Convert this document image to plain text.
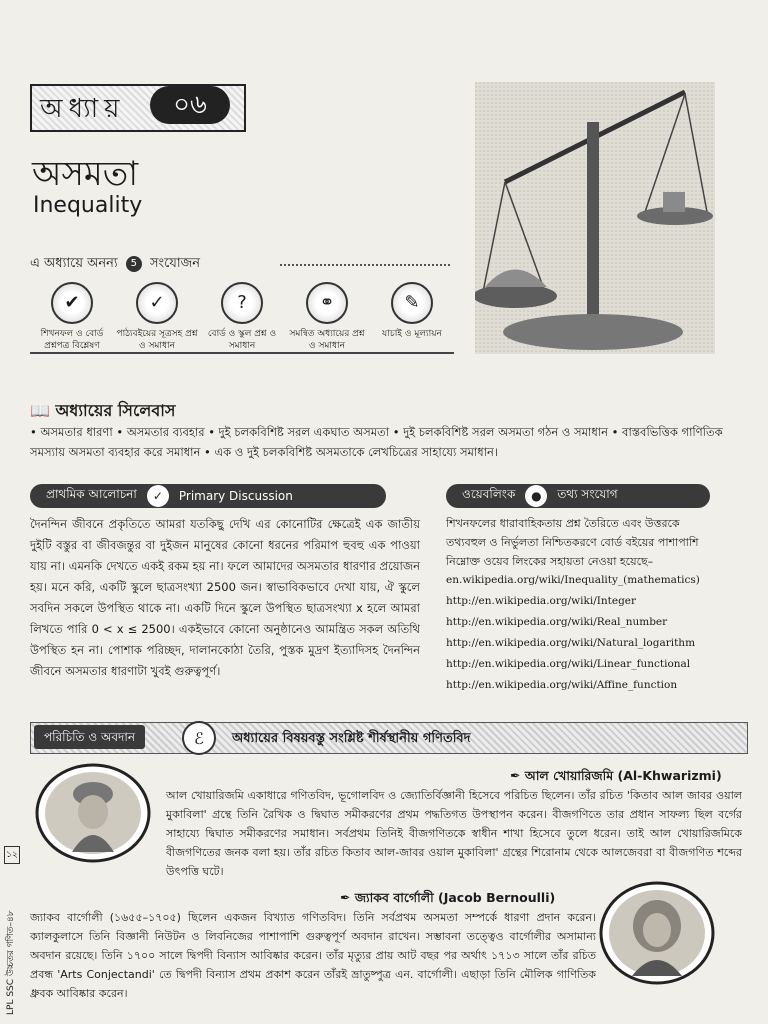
অধ্যায়	০৬
অসমতা
Inequality
এ অধ্যায়ে অনন্য 5 সংযোজন
✔
শিখনফল ও বোর্ড প্রশ্নপত্র বিশ্লেষণ
✓
পাঠ্যবইয়ের সূত্রসহ প্রশ্ন ও সমাধান
?
বোর্ড ও স্কুল প্রশ্ন ও সমাধান
⚭
সমন্বিত অধ্যায়ের প্রশ্ন ও সমাধান
✎
যাচাই ও মূল্যায়ন
📖 অধ্যায়ের সিলেবাস
• অসমতার ধারণা • অসমতার ব্যবহার • দুই চলকবিশিষ্ট সরল একঘাত অসমতা • দুই চলকবিশিষ্ট সরল অসমতা গঠন ও সমাধান • বাস্তবভিত্তিক গাণিতিক সমস্যায় অসমতা ব্যবহার করে সমাধান • এক ও দুই চলকবিশিষ্ট অসমতাকে লেখচিত্রের সাহায্যে সমাধান।
প্রাথমিক আলোচনা	✓	Primary Discussion
দৈনন্দিন জীবনে প্রকৃতিতে আমরা যতকিছু দেখি এর কোনোটির ক্ষেত্রেই এক জাতীয় দুইটি বস্তুর বা জীবজন্তুর বা দুইজন মানুষের কোনো ধরনের পরিমাপ হুবহু এক পাওয়া যায় না। এমনকি দেখতে একই রকম হয় না। ফলে আমাদের অসমতার ধারণার প্রয়োজন হয়। মনে করি, একটি স্কুলে ছাত্রসংখ্যা 2500 জন। স্বাভাবিকভাবে দেখা যায়, ঐ স্কুলে সবদিন সকলে উপস্থিত থাকে না। একটি দিনে স্কুলে উপস্থিত ছাত্রসংখ্যা x হলে আমরা লিখতে পারি 0 < x ≤ 2500। একইভাবে কোনো অনুষ্ঠানেও আমন্ত্রিত সকল অতিথি উপস্থিত হন না। পোশাক পরিচ্ছদ, দালানকোঠা তৈরি, পুস্তক মুদ্রণ ইত্যাদিসহ দৈনন্দিন জীবনে অসমতার ধারণাটা খুবই গুরুত্বপূর্ণ।
ওয়েবলিংক	●	তথ্য সংযোগ
শিখনফলের ধারাবাহিকতায় প্রশ্ন তৈরিতে এবং উত্তরকে তথ্যবহুল ও নির্ভুলতা নিশ্চিতকরণে বোর্ড বইয়ের পাশাপাশি নিম্নোক্ত ওয়েব লিংকের সহায়তা নেওয়া হয়েছে–
en.wikipedia.org/wiki/Inequality_(mathematics)
http://en.wikipedia.org/wiki/Integer
http://en.wikipedia.org/wiki/Real_number
http://en.wikipedia.org/wiki/Natural_logarithm
http://en.wikipedia.org/wiki/Linear_functional
http://en.wikipedia.org/wiki/Affine_function
পরিচিতি ও অবদান	ℰ	অধ্যায়ের বিষয়বস্তু সংশ্লিষ্ট শীর্ষস্থানীয় গণিতবিদ
✒ আল খোয়ারিজমি (Al-Khwarizmi)
আল খোয়ারিজমি একাধারে গণিতবিদ, ভূগোলবিদ ও জ্যোতির্বিজ্ঞানী হিসেবে পরিচিত ছিলেন। তাঁর রচিত 'কিতাব আল জাবর ওয়াল মুকাবিলা' গ্রন্থে তিনি রৈখিক ও দ্বিঘাত সমীকরণের প্রথম পদ্ধতিগত উপস্থাপন করেন। বীজগণিতে তার প্রধান সাফল্য ছিল বর্গের সাহায্যে দ্বিঘাত সমীকরণের সমাধান। সর্বপ্রথম তিনিই বীজগণিতকে স্বাধীন শাখা হিসেবে তুলে ধরেন। তাই আল খোয়ারিজমিকে বীজগণিতের জনক বলা হয়। তাঁর রচিত কিতাব আল-জাবর ওয়াল মুকাবিলা' গ্রন্থের শিরোনাম থেকে আলজেবরা বা বীজগণিত শব্দের উৎপত্তি ঘটে।
✒ জ্যাকব বার্গোলী (Jacob Bernoulli)
জ্যাকব বার্গোলী (১৬৫৫–১৭০৫) ছিলেন একজন বিখ্যাত গণিতবিদ। তিনি সর্বপ্রথম অসমতা সম্পর্কে ধারণা প্রদান করেন। ক্যালকুলাসে তিনি বিজ্ঞানী নিউটন ও লিবনিজের পাশাপাশি গুরুত্বপূর্ণ অবদান রাখেন। সম্ভাবনা তত্ত্বেও বার্গোলীর অসামান্য অবদান রয়েছে। তিনি ১৭০০ সালে দ্বিপদী বিন্যাস আবিষ্কার করেন। তাঁর মৃত্যুর প্রায় আট বছর পর অর্থাৎ ১৭১৩ সালে তাঁর রচিত প্রবন্ধ 'Arts Conjectandi' তে দ্বিপদী বিন্যাস প্রথম প্রকাশ করেন তাঁরই ভ্রাতুষ্পুত্র এন. বার্গোলী। এছাড়া তিনি মৌলিক গাণিতিক ধ্রুবক আবিষ্কার করেন।
১২
LPL SSC উচ্চতর গণিত–৪৮
